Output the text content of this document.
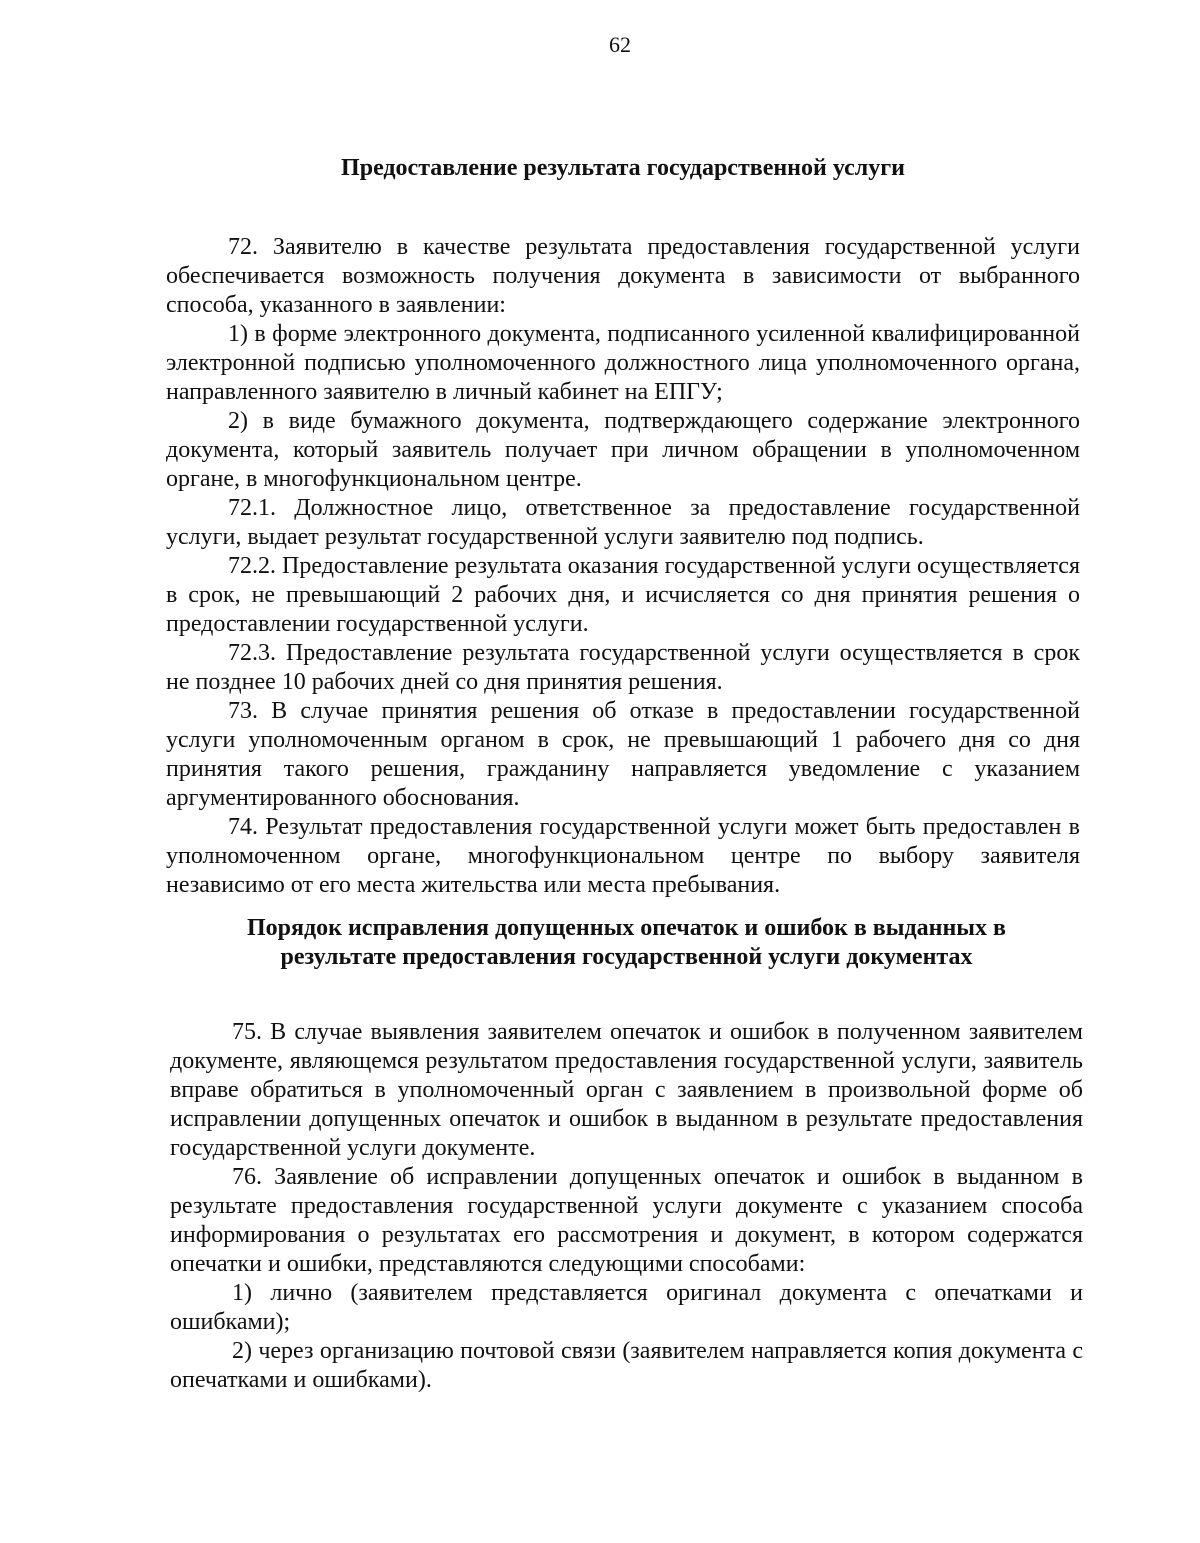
62

Предоставление результата государственной услуги

72. Заявителю в качестве результата предоставления государственной услуги обеспечивается возможность получения документа в зависимости от выбранного способа, указанного в заявлении:

1) в форме электронного документа, подписанного усиленной квалифицированной электронной подписью уполномоченного должностного лица уполномоченного органа, направленного заявителю в личный кабинет на ЕПГУ;

2) в виде бумажного документа, подтверждающего содержание электронного документа, который заявитель получает при личном обращении в уполномоченном органе, в многофункциональном центре.

72.1. Должностное лицо, ответственное за предоставление государственной услуги, выдает результат государственной услуги заявителю под подпись.

72.2. Предоставление результата оказания государственной услуги осуществляется в срок, не превышающий 2 рабочих дня, и исчисляется со дня принятия решения о предоставлении государственной услуги.

72.3. Предоставление результата государственной услуги осуществляется в срок не позднее 10 рабочих дней со дня принятия решения.

73. В случае принятия решения об отказе в предоставлении государственной услуги уполномоченным органом в срок, не превышающий 1 рабочего дня со дня принятия такого решения, гражданину направляется уведомление с указанием аргументированного обоснования.

74. Результат предоставления государственной услуги может быть предоставлен в уполномоченном органе, многофункциональном центре по выбору заявителя независимо от его места жительства или места пребывания.

Порядок исправления допущенных опечаток и ошибок в выданных в

результате предоставления государственной услуги документах

75. В случае выявления заявителем опечаток и ошибок в полученном заявителем документе, являющемся результатом предоставления государственной услуги, заявитель вправе обратиться в уполномоченный орган с заявлением в произвольной форме об исправлении допущенных опечаток и ошибок в выданном в результате предоставления государственной услуги документе.

76. Заявление об исправлении допущенных опечаток и ошибок в выданном в результате предоставления государственной услуги документе с указанием способа информирования о результатах его рассмотрения и документ, в котором содержатся опечатки и ошибки, представляются следующими способами:

1) лично (заявителем представляется оригинал документа с опечатками и ошибками);

2) через организацию почтовой связи (заявителем направляется копия документа с опечатками и ошибками).
